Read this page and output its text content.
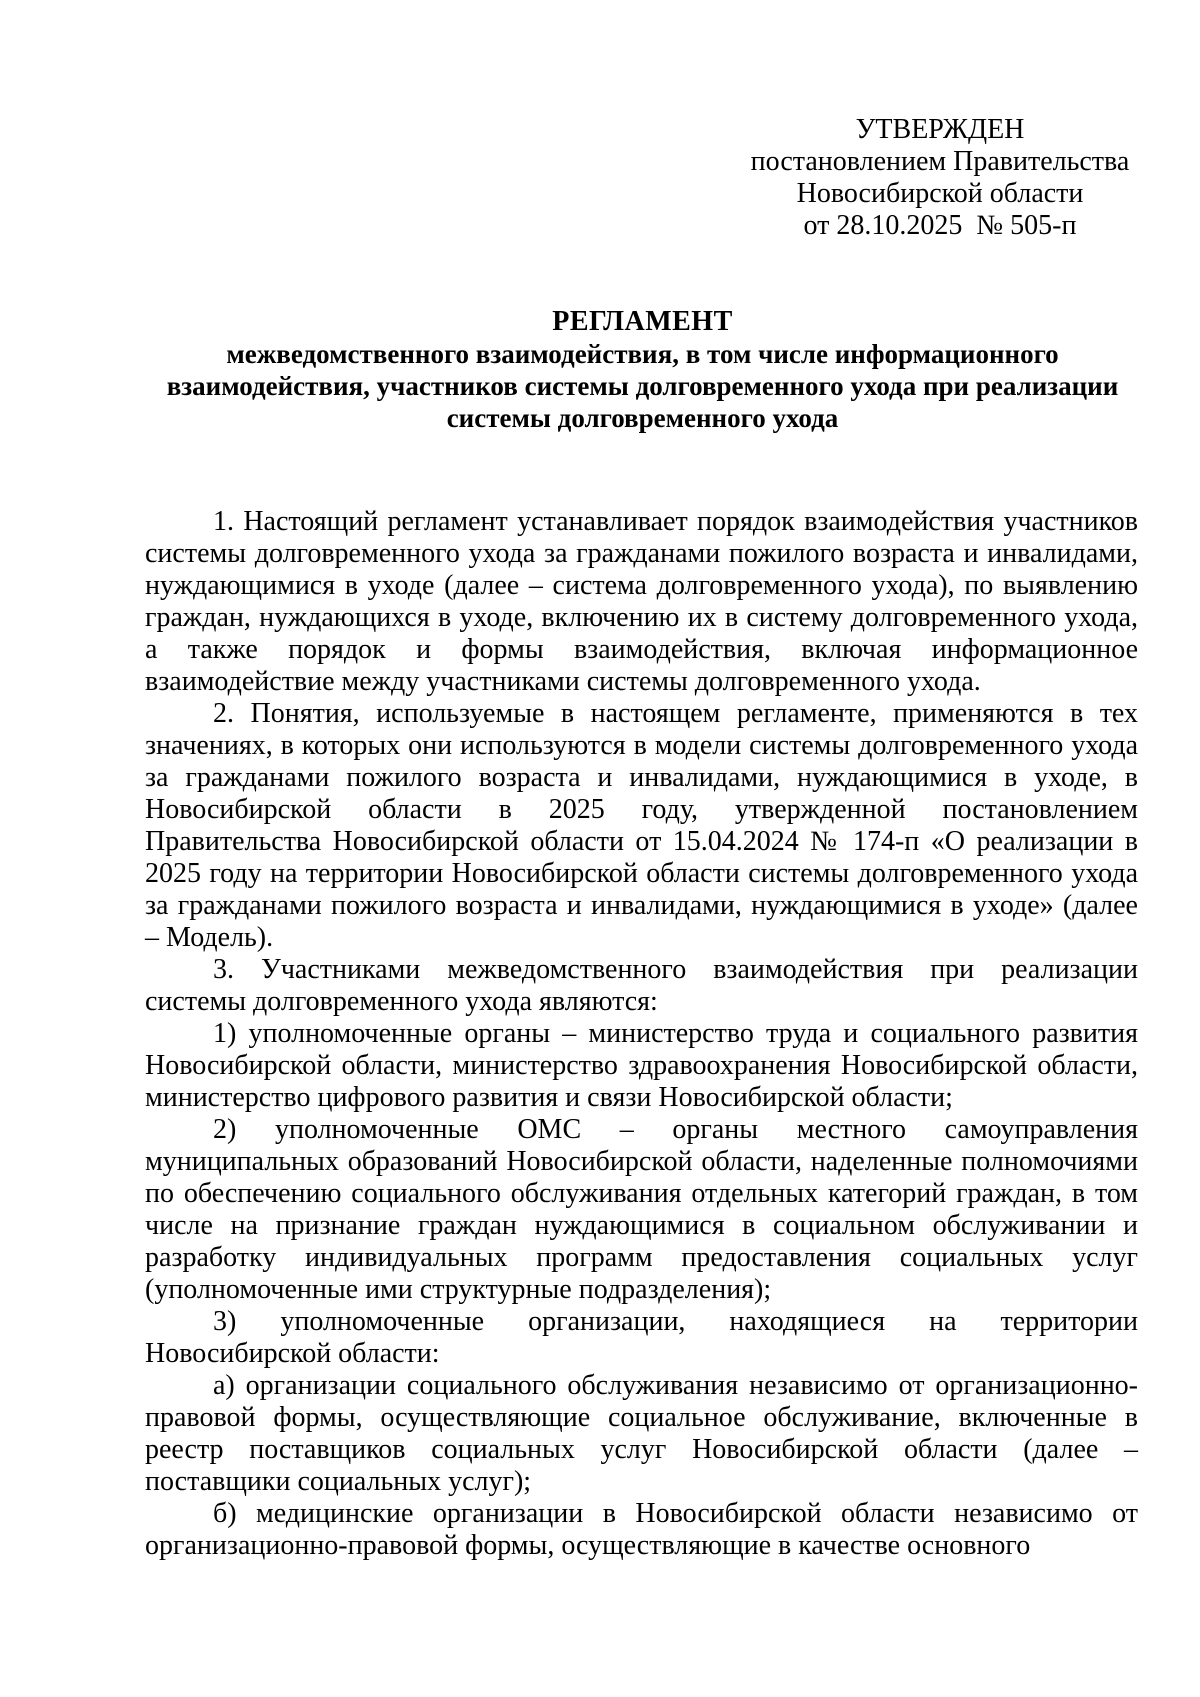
УТВЕРЖДЕН
постановлением Правительства
Новосибирской области
от 28.10.2025  № 505-п
РЕГЛАМЕНТ
межведомственного взаимодействия, в том числе информационного взаимодействия, участников системы долговременного ухода при реализации системы долговременного ухода

1. Настоящий регламент устанавливает порядок взаимодействия участников системы долговременного ухода за гражданами пожилого возраста и инвалидами, нуждающимися в уходе (далее – система долговременного ухода), по выявлению граждан, нуждающихся в уходе, включению их в систему долговременного ухода, а также порядок и формы взаимодействия, включая информационное взаимодействие между участниками системы долговременного ухода.

2. Понятия, используемые в настоящем регламенте, применяются в тех значениях, в которых они используются в модели системы долговременного ухода за гражданами пожилого возраста и инвалидами, нуждающимися в уходе, в Новосибирской области в 2025 году, утвержденной постановлением Правительства Новосибирской области от 15.04.2024 № 174-п «О реализации в 2025 году на территории Новосибирской области системы долговременного ухода за гражданами пожилого возраста и инвалидами, нуждающимися в уходе» (далее – Модель).

3. Участниками межведомственного взаимодействия при реализации системы долговременного ухода являются:

1) уполномоченные органы – министерство труда и социального развития Новосибирской области, министерство здравоохранения Новосибирской области, министерство цифрового развития и связи Новосибирской области;

2) уполномоченные ОМС – органы местного самоуправления муниципальных образований Новосибирской области, наделенные полномочиями по обеспечению социального обслуживания отдельных категорий граждан, в том числе на признание граждан нуждающимися в социальном обслуживании и разработку индивидуальных программ предоставления социальных услуг (уполномоченные ими структурные подразделения);

3) уполномоченные организации, находящиеся на территории Новосибирской области:

а) организации социального обслуживания независимо от организационно-правовой формы, осуществляющие социальное обслуживание, включенные в реестр поставщиков социальных услуг Новосибирской области (далее – поставщики социальных услуг);

б) медицинские организации в Новосибирской области независимо от организационно-правовой формы, осуществляющие в качестве основного
